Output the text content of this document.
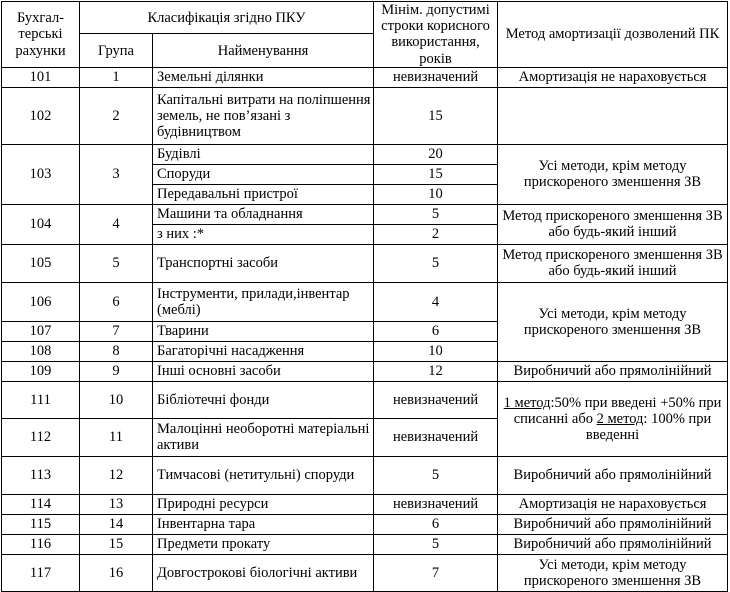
Бухгал-терські рахунки	Класифікація згідно ПКУ		Мінім. допустимі строки корисного використання, років	Метод амортизації дозволений ПК
	Група	Найменування		
101	1	Земельні ділянки	невизначений	Амортизація не нараховується
102	2	Капітальні витрати на поліпшення земель, не пов’язані з будівництвом	15	
103	3	Будівлі	20	Усі методи, крім методу прискореного зменшення ЗВ
		Споруди	15	
		Передавальні пристрої	10	
104	4	Машини та обладнання	5	Метод прискореного зменшення ЗВ або будь-який інший
		з них :*	2	
105	5	Транспортні засоби	5	Метод прискореного зменшення ЗВ або будь-який інший
106	6	Інструменти, прилади,інвентар (меблі)	4	Усі методи, крім методу прискореного зменшення ЗВ
107	7	Тварини	6	
108	8	Багаторічні насадження	10	
109	9	Інші основні засоби	12	Виробничий або прямолінійний
111	10	Бібліотечні фонди	невизначений	1 метод:50% при введені +50% при списанні або 2 метод: 100% при введенні
112	11	Малоцінні необоротні матеріальні активи	невизначений	
113	12	Тимчасові (нетитульні) споруди	5	Виробничий або прямолінійний
114	13	Природні ресурси	невизначений	Амортизація не нараховується
115	14	Інвентарна тара	6	Виробничий або прямолінійний
116	15	Предмети прокату	5	Виробничий або прямолінійний
117	16	Довгострокові біологічні активи	7	Усі методи, крім методу прискореного зменшення ЗВ
